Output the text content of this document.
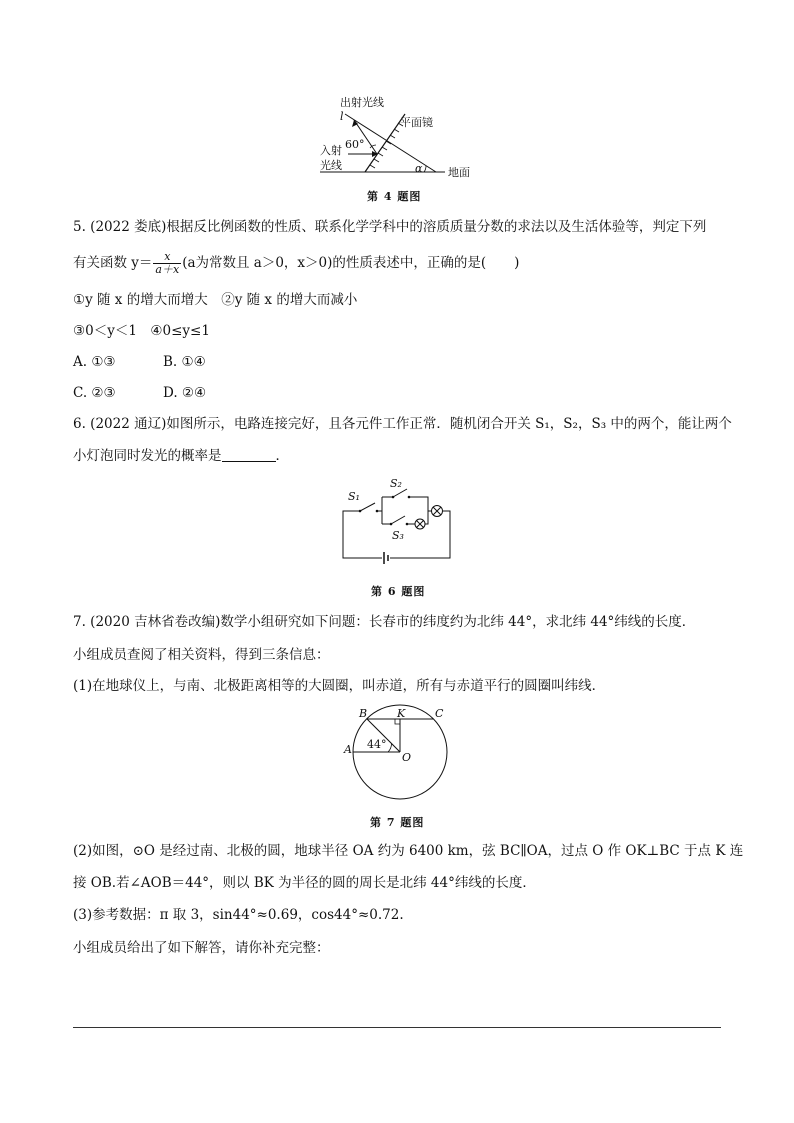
出射光线
l	平面镜
入射
光线
60°
α 地面
第 4 题图
5. (2022 娄底)根据反比例函数的性质、联系化学学科中的溶质质量分数的求法以及生活体验等，判定下列
有关函数 $y= \frac{x}{a+x} (a$为常数且 a＞0，x＞0)的性质表述中，正确的是( )
①y 随 x 的增大而增大　②y 随 x 的增大而减小
③0＜y＜1　④0≤y≤1
A. ①③	B. ①④
C. ②③	D. ②④
6. (2022 通辽)如图所示，电路连接完好，且各元件工作正常．随机闭合开关 S₁，S₂，S₃ 中的两个，能让两个
小灯泡同时发光的概率是	．
S₁
S₂
S₃
第 6 题图
7. (2020 吉林省卷改编)数学小组研究如下问题：长春市的纬度约为北纬 44°，求北纬 44°纬线的长度．
小组成员查阅了相关资料，得到三条信息：
(1)在地球仪上，与南、北极距离相等的大圆圈，叫赤道，所有与赤道平行的圆圈叫纬线．
B	K	C
A
O
44°
第 7 题图
(2)如图，⊙O 是经过南、北极的圆，地球半径 OA 约为 6400 km，弦 BC∥OA，过点 O 作 OK⊥BC 于点 K 连
接 OB.若∠AOB＝44°，则以 BK 为半径的圆的周长是北纬 44°纬线的长度．
(3)参考数据：π 取 3，sin44°≈0.69，cos44°≈0.72.
小组成员给出了如下解答，请你补充完整：
